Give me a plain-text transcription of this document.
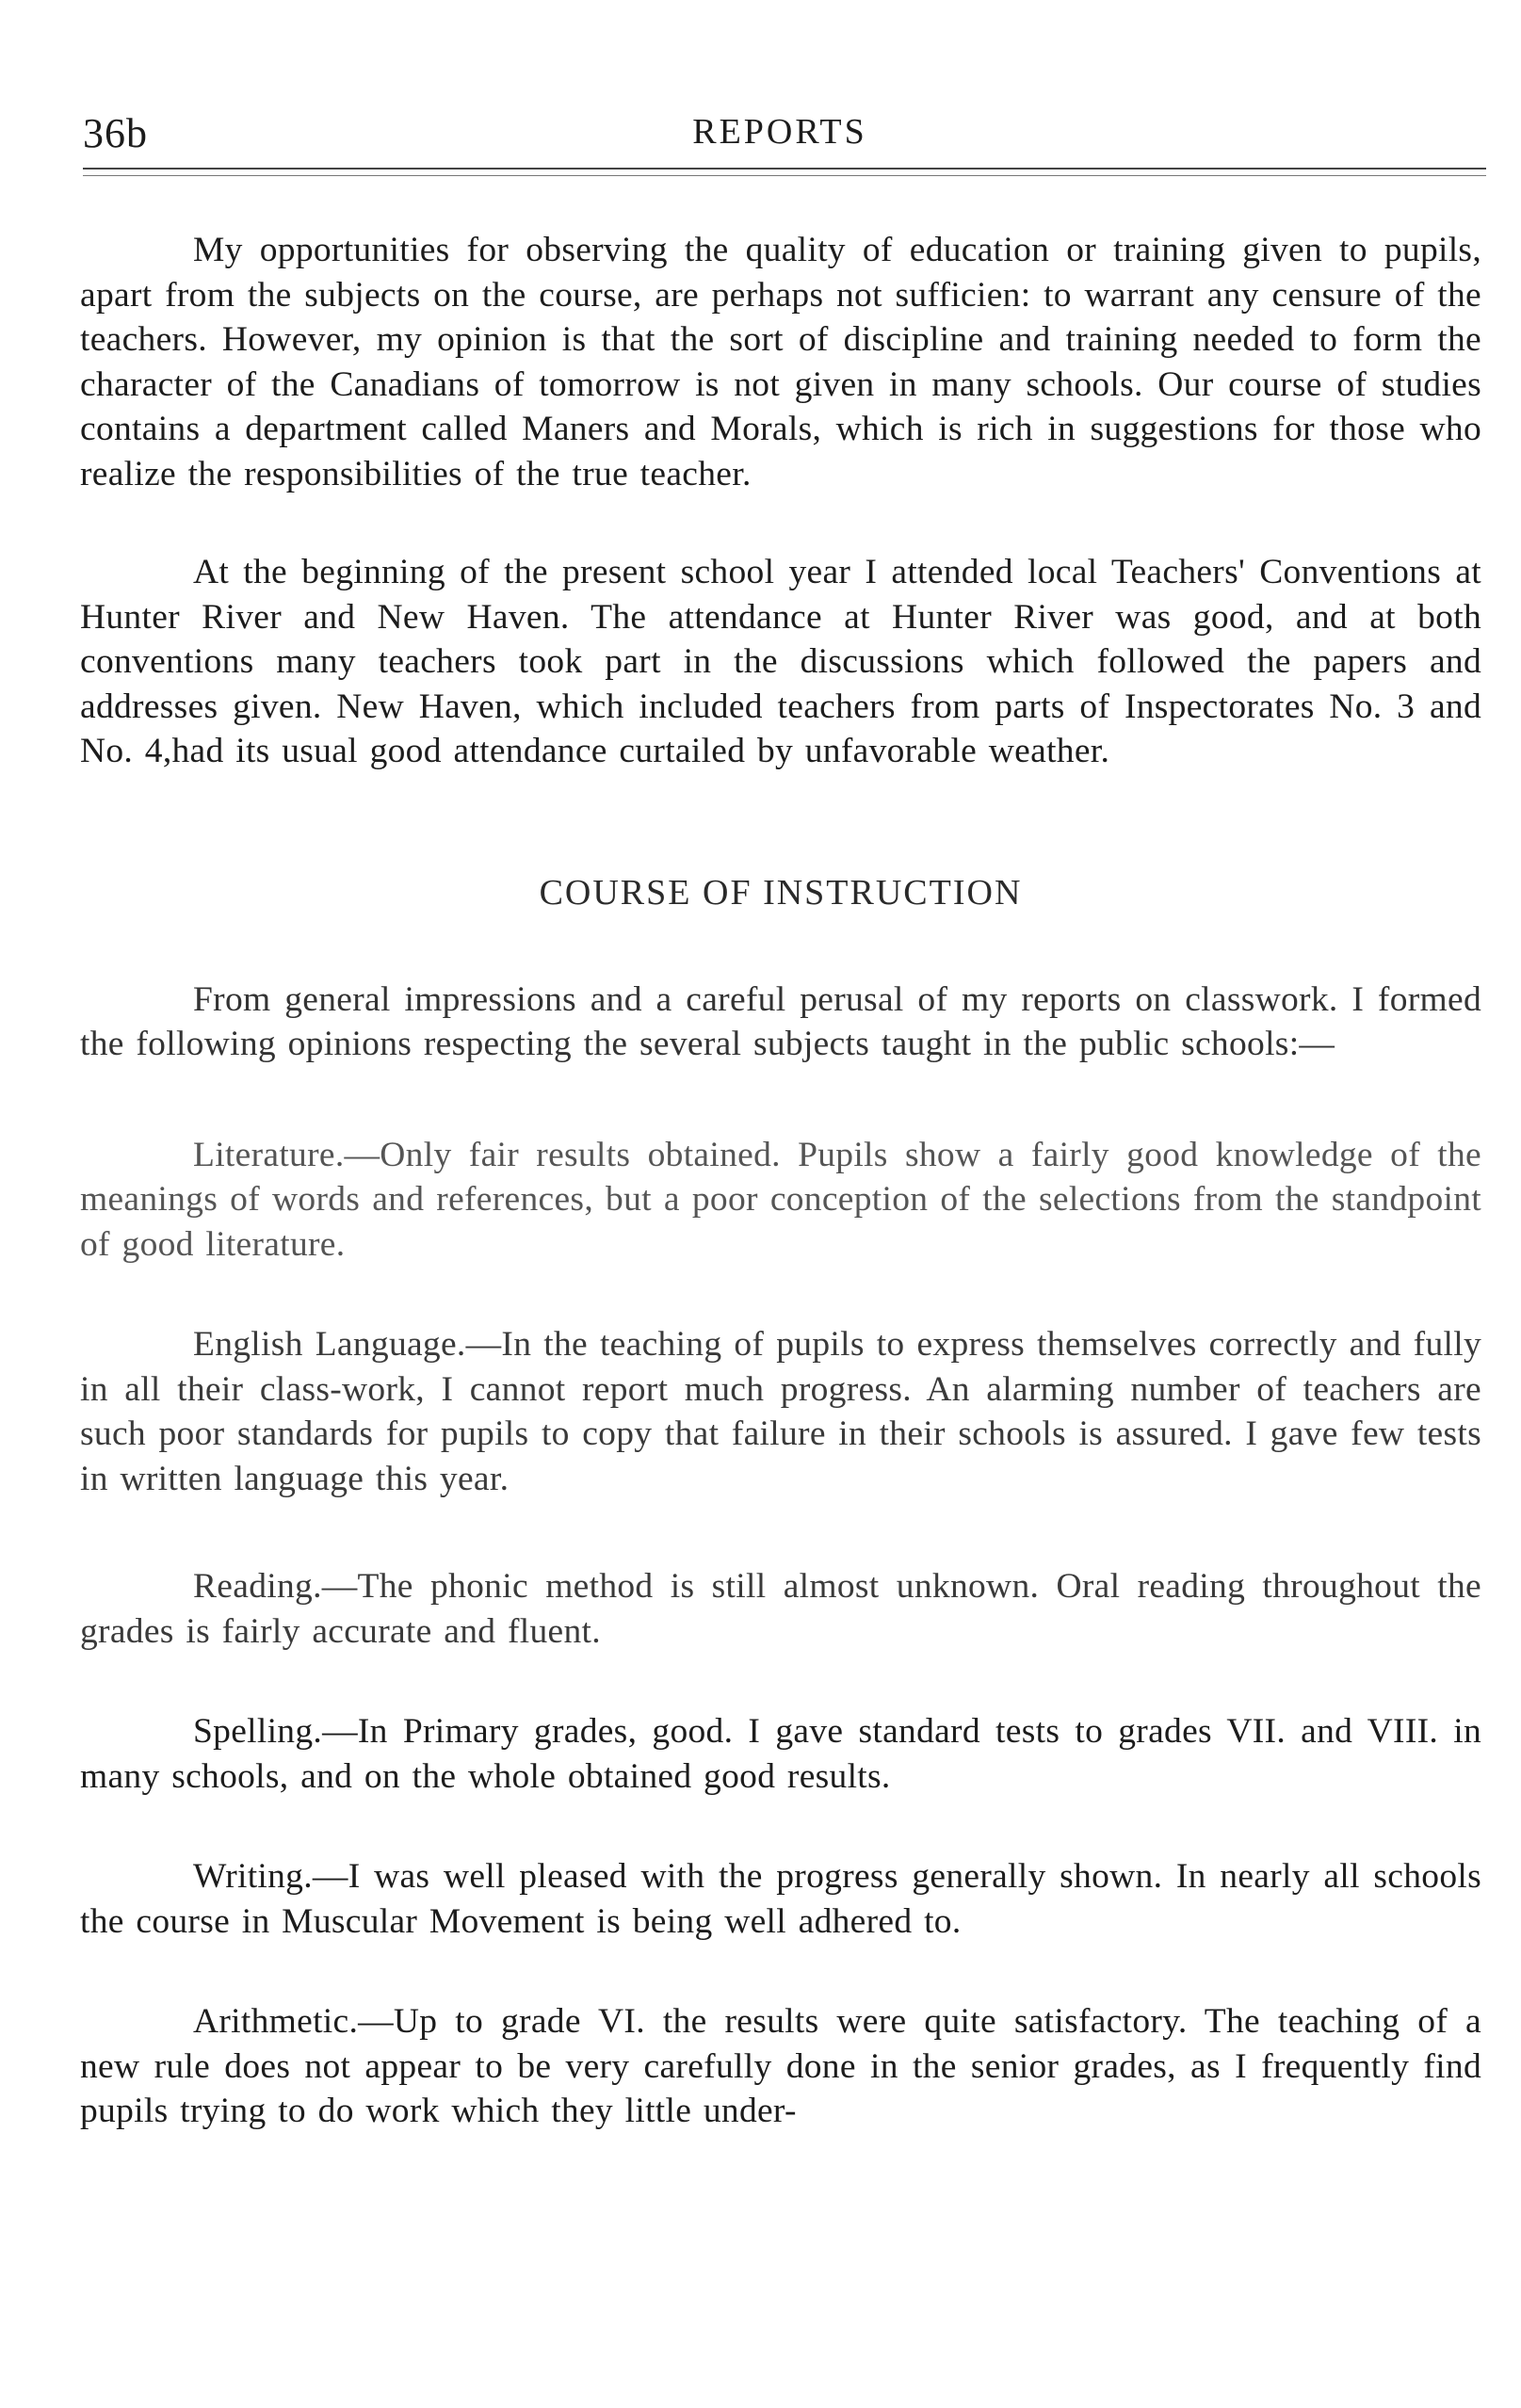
36b	REPORTS

My opportunities for observing the quality of education or training given to pupils, apart from the subjects on the course, are perhaps not sufficien: to warrant any censure of the teachers. However, my opinion is that the sort of discipline and training needed to form the character of the Canadians of tomorrow is not given in many schools. Our course of studies contains a department called Maners and Morals, which is rich in suggestions for those who realize the responsibilities of the true teacher.

At the beginning of the present school year I attended local Teachers' Conventions at Hunter River and New Haven. The attendance at Hunter River was good, and at both conventions many teachers took part in the discussions which followed the papers and addresses given. New Haven, which included teachers from parts of Inspectorates No. 3 and No. 4,had its usual good attendance curtailed by unfavorable weather.

COURSE OF INSTRUCTION

From general impressions and a careful perusal of my reports on classwork. I formed the following opinions respecting the several subjects taught in the public schools:—

Literature.—Only fair results obtained. Pupils show a fairly good knowledge of the meanings of words and references, but a poor conception of the selections from the standpoint of good literature.

English Language.—In the teaching of pupils to express themselves correctly and fully in all their class-work, I cannot report much progress. An alarming number of teachers are such poor standards for pupils to copy that failure in their schools is assured. I gave few tests in written language this year.

Reading.—The phonic method is still almost unknown. Oral reading throughout the grades is fairly accurate and fluent.

Spelling.—In Primary grades, good. I gave standard tests to grades VII. and VIII. in many schools, and on the whole obtained good results.

Writing.—I was well pleased with the progress generally shown. In nearly all schools the course in Muscular Movement is being well adhered to.

Arithmetic.—Up to grade VI. the results were quite satisfactory. The teaching of a new rule does not appear to be very carefully done in the senior grades, as I frequently find pupils trying to do work which they little under-
